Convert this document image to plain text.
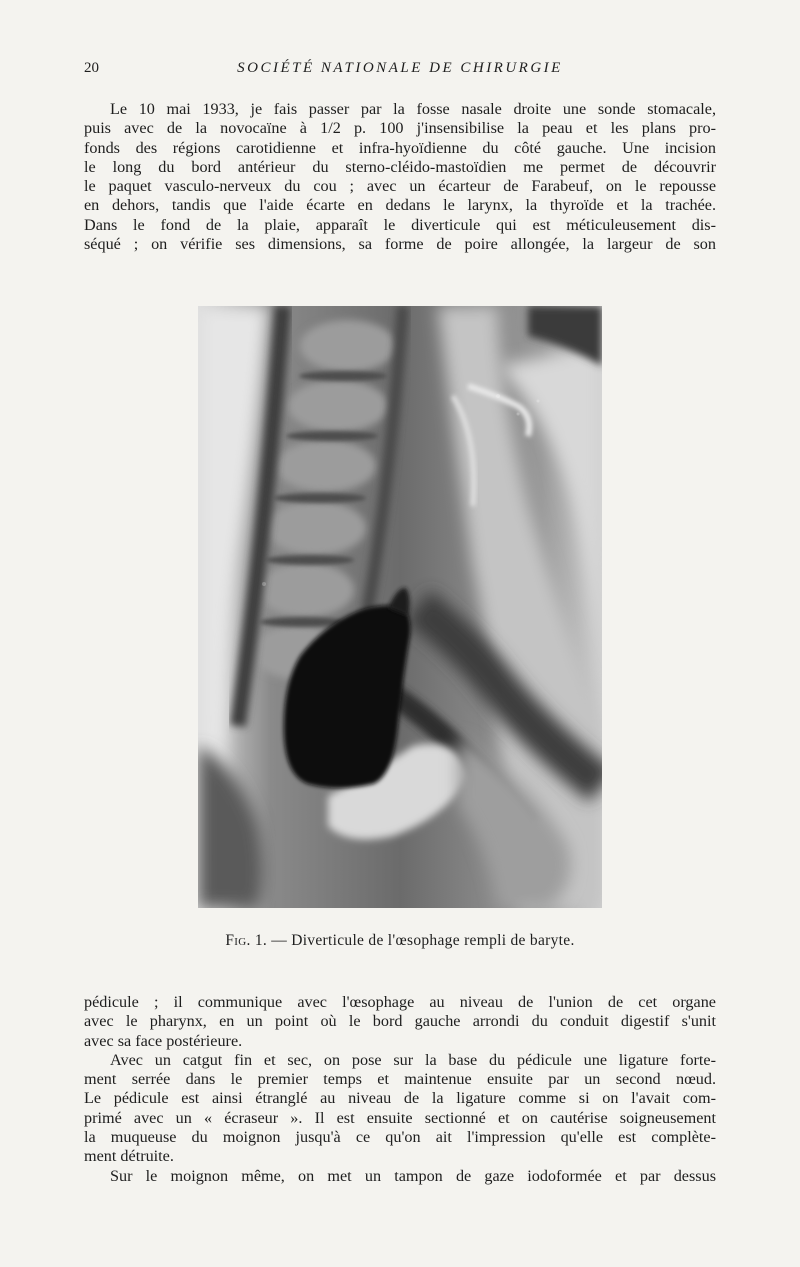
20	SOCIÉTÉ NATIONALE DE CHIRURGIE
Le 10 mai 1933, je fais passer par la fosse nasale droite une sonde stomacale,
puis avec de la novocaïne à 1/2 p. 100 j'insensibilise la peau et les plans pro-
fonds des régions carotidienne et infra-hyoïdienne du côté gauche. Une incision
le long du bord antérieur du sterno-cléido-mastoïdien me permet de découvrir
le paquet vasculo-nerveux du cou ; avec un écarteur de Farabeuf, on le repousse
en dehors, tandis que l'aide écarte en dedans le larynx, la thyroïde et la trachée.
Dans le fond de la plaie, apparaît le diverticule qui est méticuleusement dis-
séqué ; on vérifie ses dimensions, sa forme de poire allongée, la largeur de son
Fig. 1. — Diverticule de l'œsophage rempli de baryte.
pédicule ; il communique avec l'œsophage au niveau de l'union de cet organe
avec le pharynx, en un point où le bord gauche arrondi du conduit digestif s'unit
avec sa face postérieure.
Avec un catgut fin et sec, on pose sur la base du pédicule une ligature forte-
ment serrée dans le premier temps et maintenue ensuite par un second nœud.
Le pédicule est ainsi étranglé au niveau de la ligature comme si on l'avait com-
primé avec un « écraseur ». Il est ensuite sectionné et on cautérise soigneusement
la muqueuse du moignon jusqu'à ce qu'on ait l'impression qu'elle est complète-
ment détruite.
Sur le moignon même, on met un tampon de gaze iodoformée et par dessus
